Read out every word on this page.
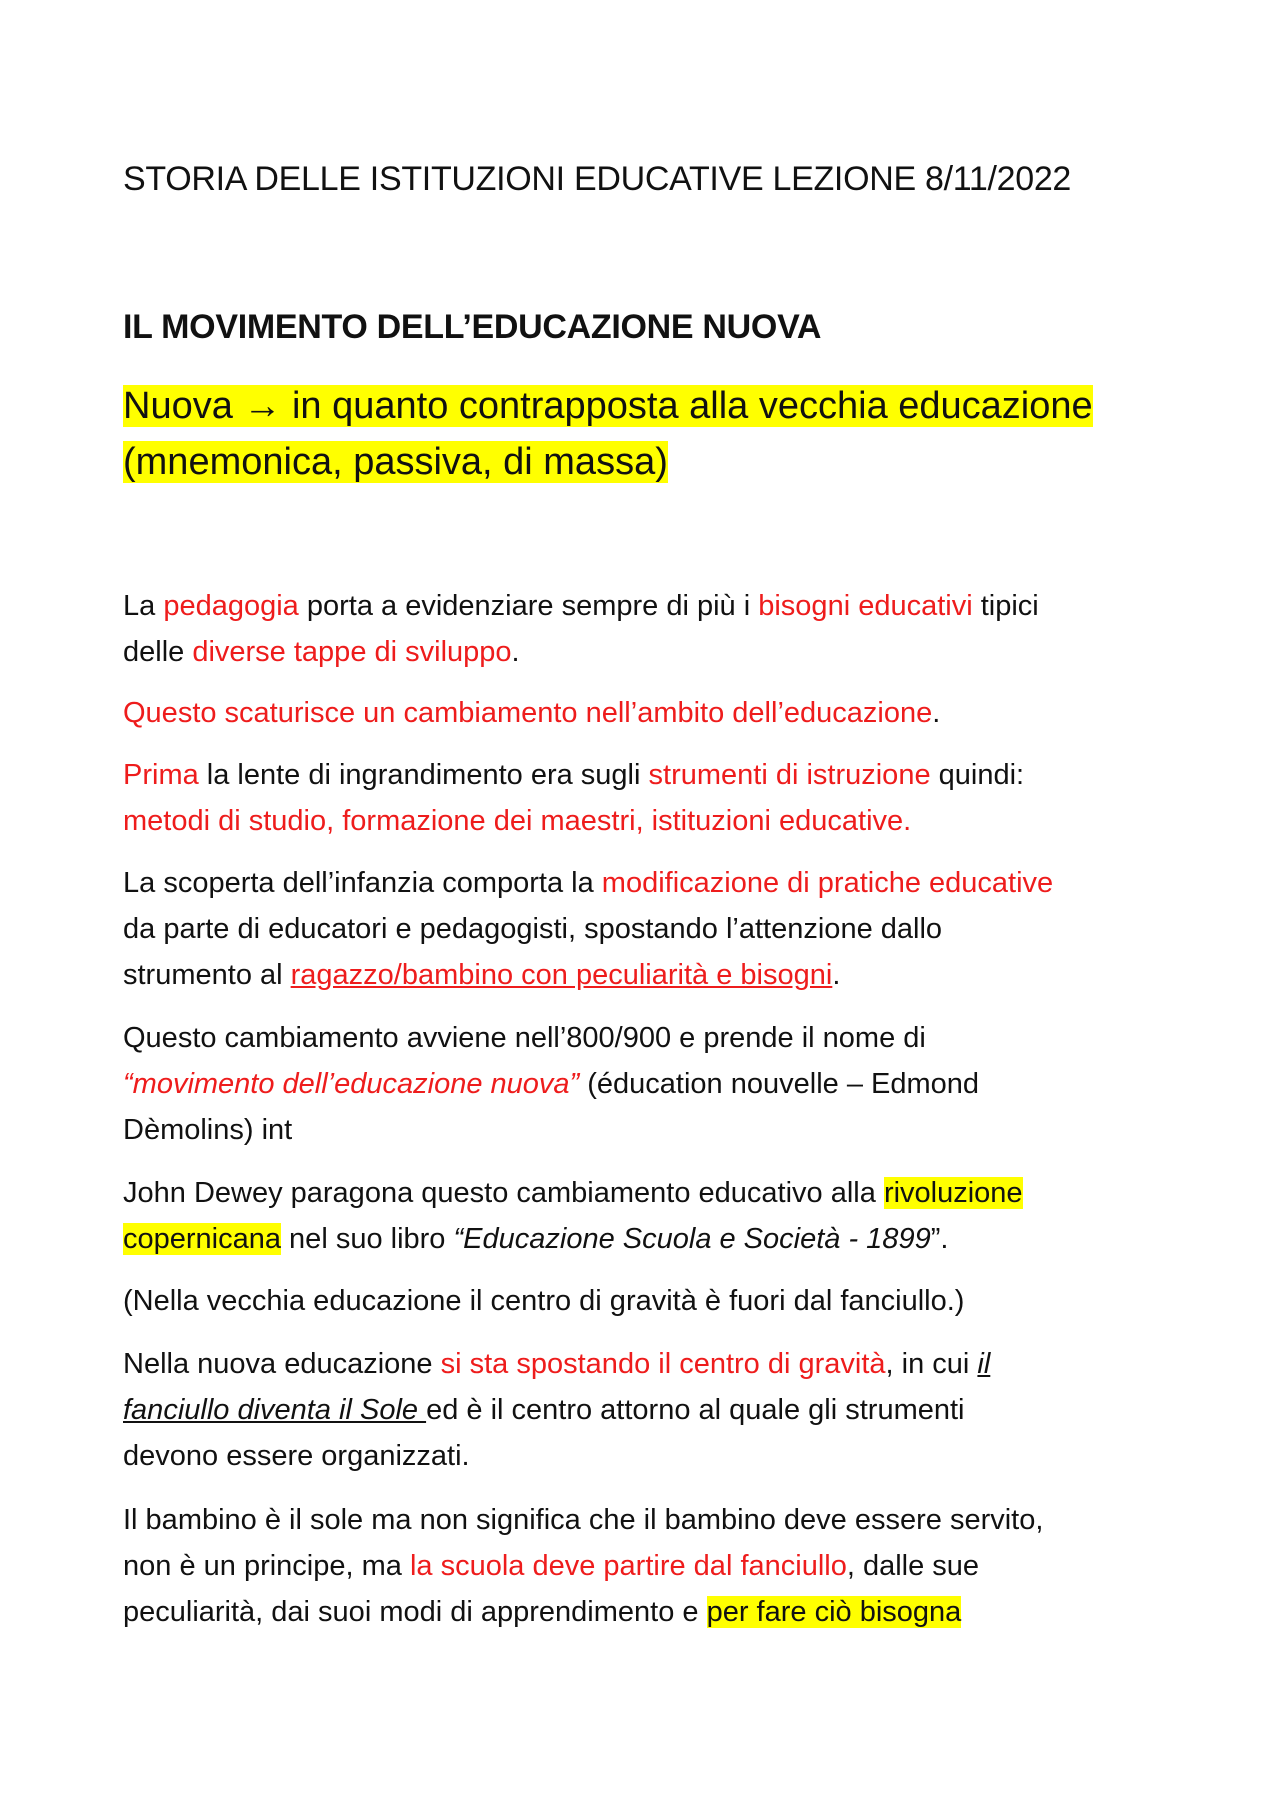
STORIA DELLE ISTITUZIONI EDUCATIVE LEZIONE 8/11/2022
IL MOVIMENTO DELL’EDUCAZIONE NUOVA
Nuova → in quanto contrapposta alla vecchia educazione
(mnemonica, passiva, di massa)
La pedagogia porta a evidenziare sempre di più i bisogni educativi tipici
delle diverse tappe di sviluppo.
Questo scaturisce un cambiamento nell’ambito dell’educazione.
Prima la lente di ingrandimento era sugli strumenti di istruzione quindi:
metodi di studio, formazione dei maestri, istituzioni educative.
La scoperta dell’infanzia comporta la modificazione di pratiche educative
da parte di educatori e pedagogisti, spostando l’attenzione dallo
strumento al ragazzo/bambino con peculiarità e bisogni.
Questo cambiamento avviene nell’800/900 e prende il nome di
“movimento dell’educazione nuova” (éducation nouvelle – Edmond
Dèmolins) int
John Dewey paragona questo cambiamento educativo alla rivoluzione
copernicana nel suo libro “Educazione Scuola e Società - 1899”.
(Nella vecchia educazione il centro di gravità è fuori dal fanciullo.)
Nella nuova educazione si sta spostando il centro di gravità, in cui il
fanciullo diventa il Sole ed è il centro attorno al quale gli strumenti
devono essere organizzati.
Il bambino è il sole ma non significa che il bambino deve essere servito,
non è un principe, ma la scuola deve partire dal fanciullo, dalle sue
peculiarità, dai suoi modi di apprendimento e per fare ciò bisogna
